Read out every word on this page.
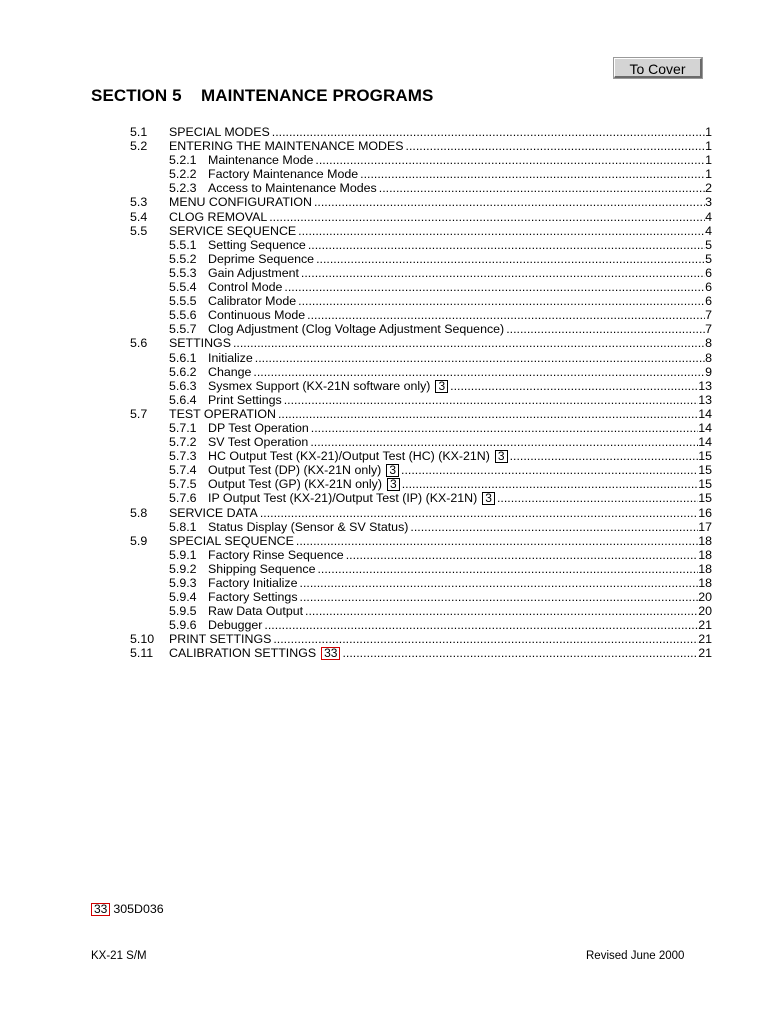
To Cover
SECTION 5 MAINTENANCE PROGRAMS
5.1 SPECIAL MODES .....	1
5.2 ENTERING THE MAINTENANCE MODES .....	1
5.2.1 Maintenance Mode .....	1
5.2.2 Factory Maintenance Mode .....	1
5.2.3 Access to Maintenance Modes .....	2
5.3 MENU CONFIGURATION .....	3
5.4 CLOG REMOVAL .....	4
5.5 SERVICE SEQUENCE .....	4
5.5.1 Setting Sequence .....	5
5.5.2 Deprime Sequence .....	5
5.5.3 Gain Adjustment .....	6
5.5.4 Control Mode .....	6
5.5.5 Calibrator Mode .....	6
5.5.6 Continuous Mode .....	7
5.5.7 Clog Adjustment (Clog Voltage Adjustment Sequence) .....	7
5.6 SETTINGS .....	8
5.6.1 Initialize .....	8
5.6.2 Change .....	9
5.6.3 Sysmex Support (KX-21N software only) 3 .....	13
5.6.4 Print Settings .....	13
5.7 TEST OPERATION .....	14
5.7.1 DP Test Operation .....	14
5.7.2 SV Test Operation .....	14
5.7.3 HC Output Test (KX-21)/Output Test (HC) (KX-21N) 3 .....	15
5.7.4 Output Test (DP) (KX-21N only) 3 .....	15
5.7.5 Output Test (GP) (KX-21N only) 3 .....	15
5.7.6 IP Output Test (KX-21)/Output Test (IP) (KX-21N) 3 .....	15
5.8 SERVICE DATA .....	16
5.8.1 Status Display (Sensor & SV Status) .....	17
5.9 SPECIAL SEQUENCE .....	18
5.9.1 Factory Rinse Sequence .....	18
5.9.2 Shipping Sequence .....	18
5.9.3 Factory Initialize .....	18
5.9.4 Factory Settings .....	20
5.9.5 Raw Data Output .....	20
5.9.6 Debugger .....	21
5.10 PRINT SETTINGS .....	21
5.11 CALIBRATION SETTINGS 33 .....	21
33 305D036
KX-21 S/M	Revised June 2000
